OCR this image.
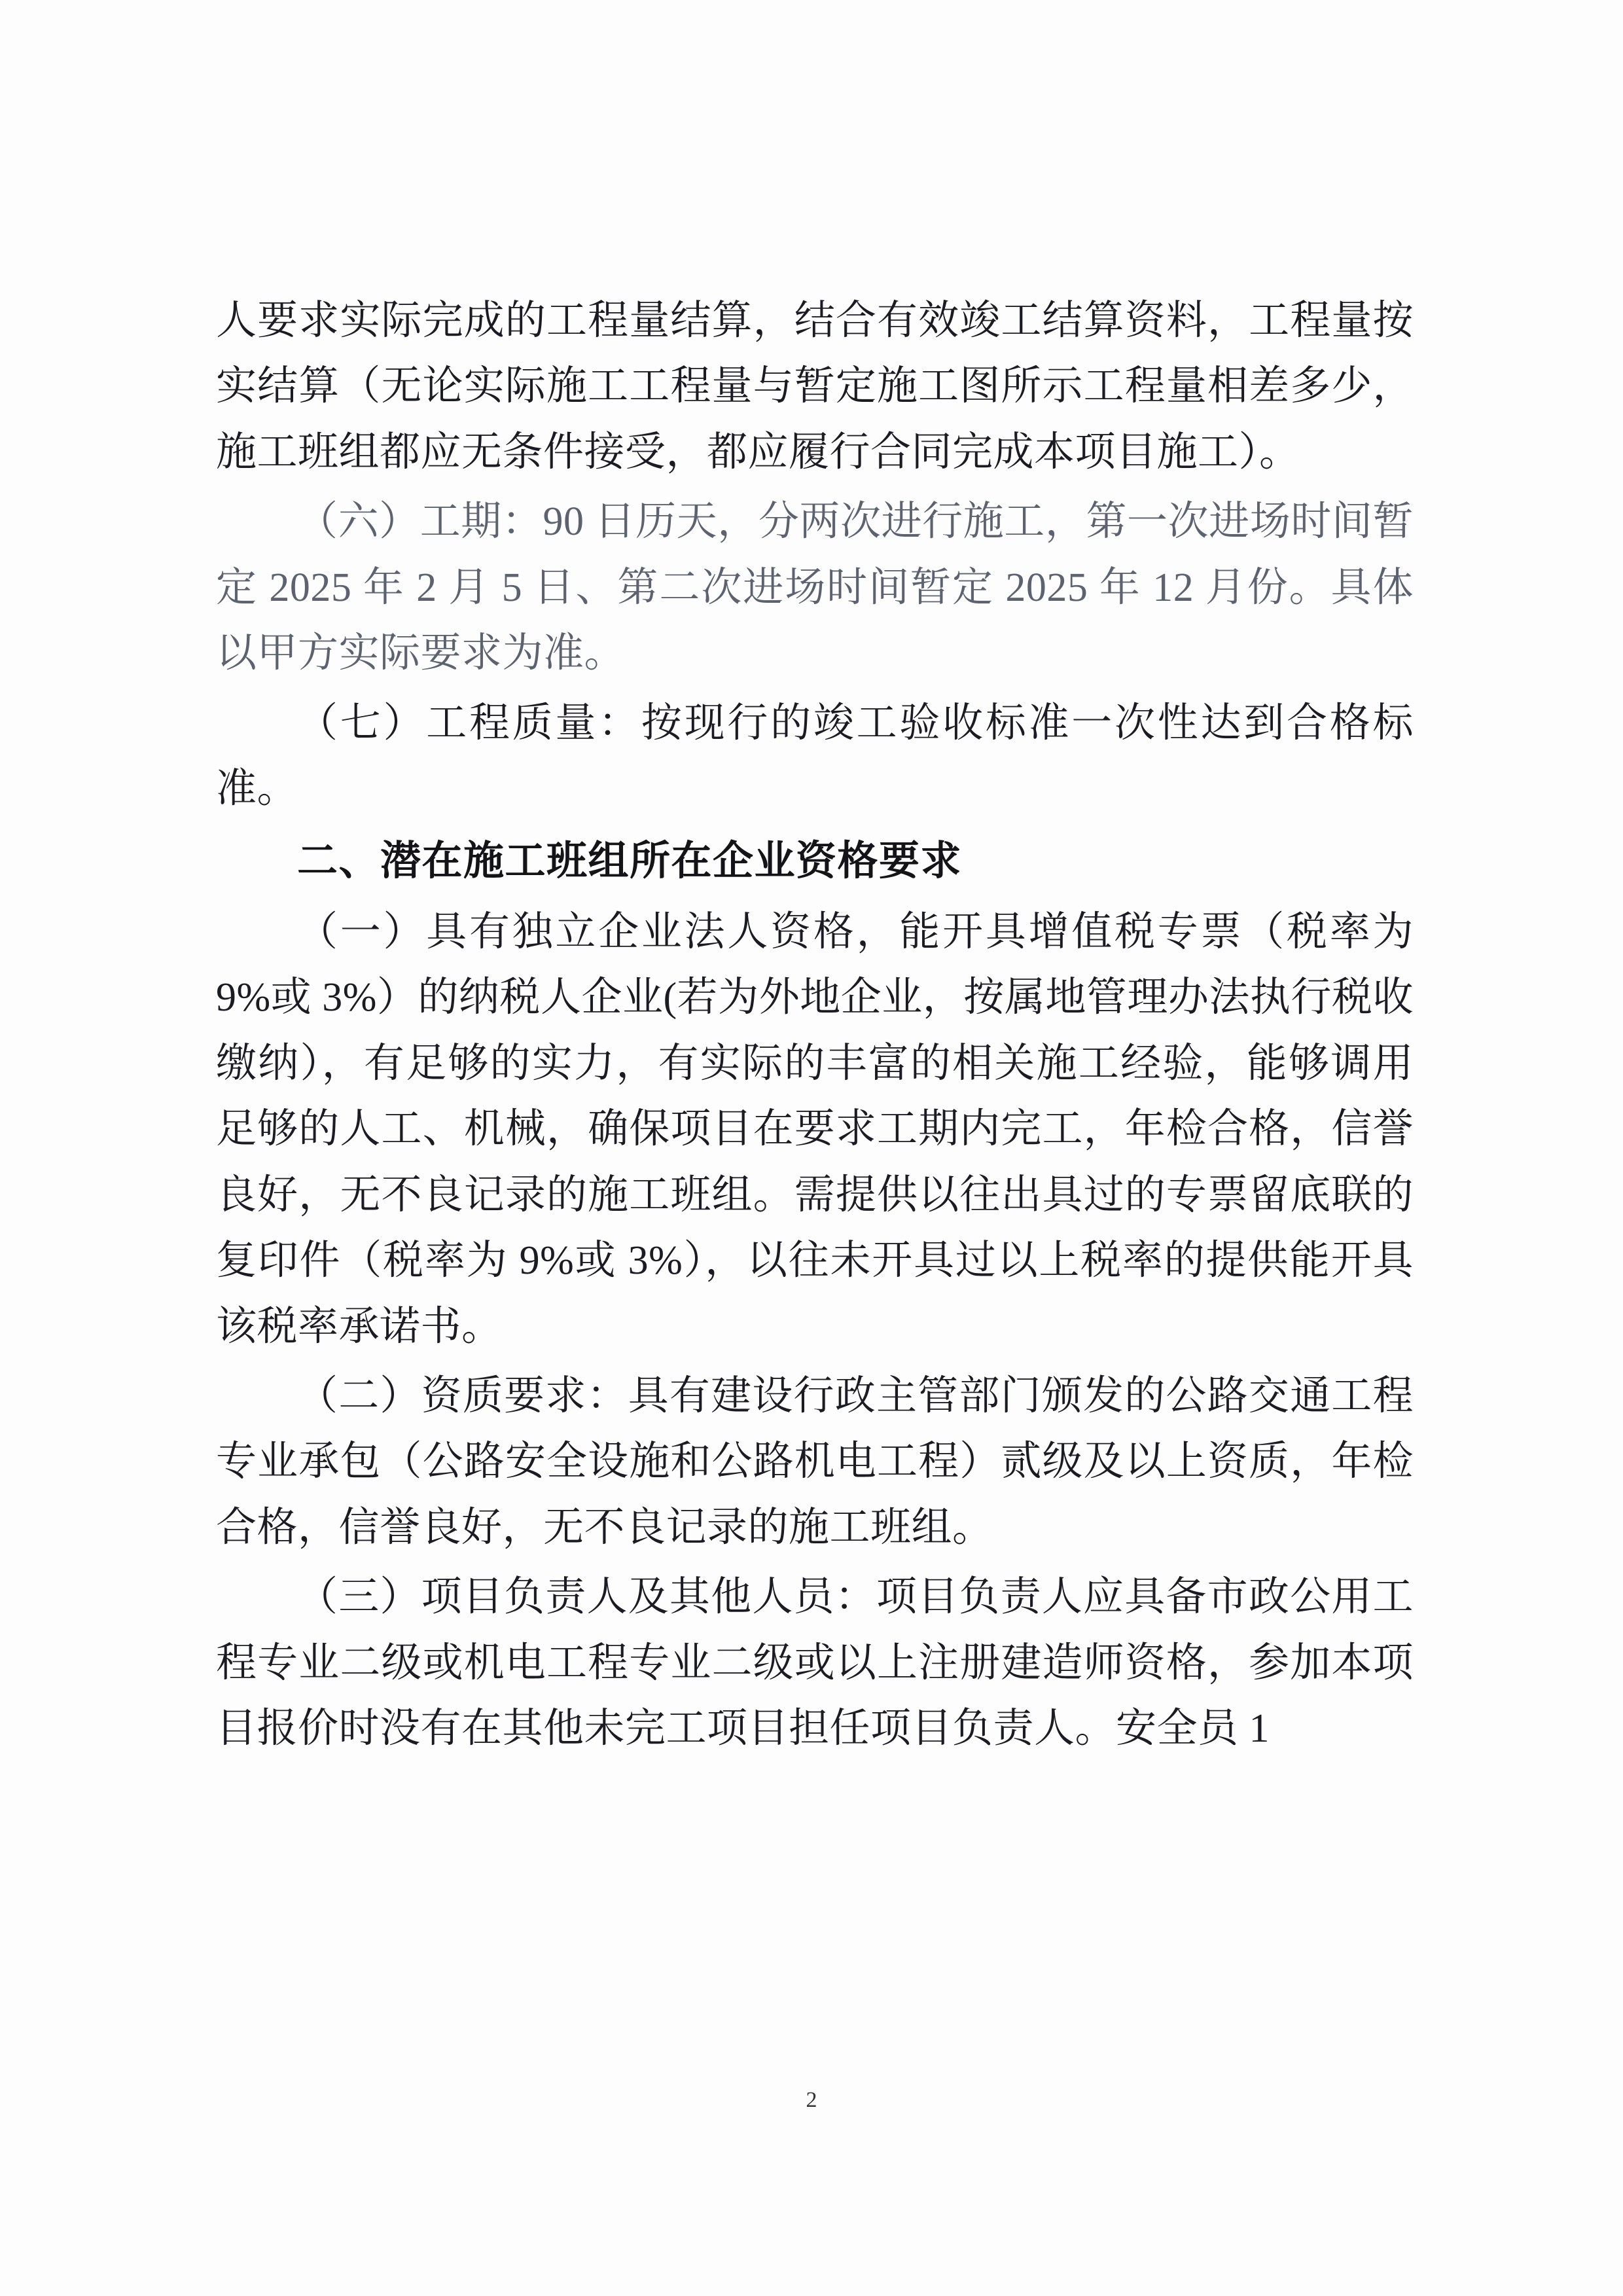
人要求实际完成的工程量结算，结合有效竣工结算资料，工程量按实结算（无论实际施工工程量与暂定施工图所示工程量相差多少，施工班组都应无条件接受，都应履行合同完成本项目施工）。

（六）工期：90 日历天，分两次进行施工，第一次进场时间暂定 2025 年 2 月 5 日、第二次进场时间暂定 2025 年 12 月份。具体以甲方实际要求为准。

（七）工程质量：按现行的竣工验收标准一次性达到合格标准。

二、潜在施工班组所在企业资格要求

（一）具有独立企业法人资格，能开具增值税专票（税率为 9%或 3%）的纳税人企业(若为外地企业，按属地管理办法执行税收缴纳），有足够的实力，有实际的丰富的相关施工经验，能够调用足够的人工、机械，确保项目在要求工期内完工，年检合格，信誉良好，无不良记录的施工班组。需提供以往出具过的专票留底联的复印件（税率为 9%或 3%），以往未开具过以上税率的提供能开具该税率承诺书。

（二）资质要求：具有建设行政主管部门颁发的公路交通工程专业承包（公路安全设施和公路机电工程）贰级及以上资质，年检合格，信誉良好，无不良记录的施工班组。

（三）项目负责人及其他人员：项目负责人应具备市政公用工程专业二级或机电工程专业二级或以上注册建造师资格，参加本项目报价时没有在其他未完工项目担任项目负责人。安全员 1

2
